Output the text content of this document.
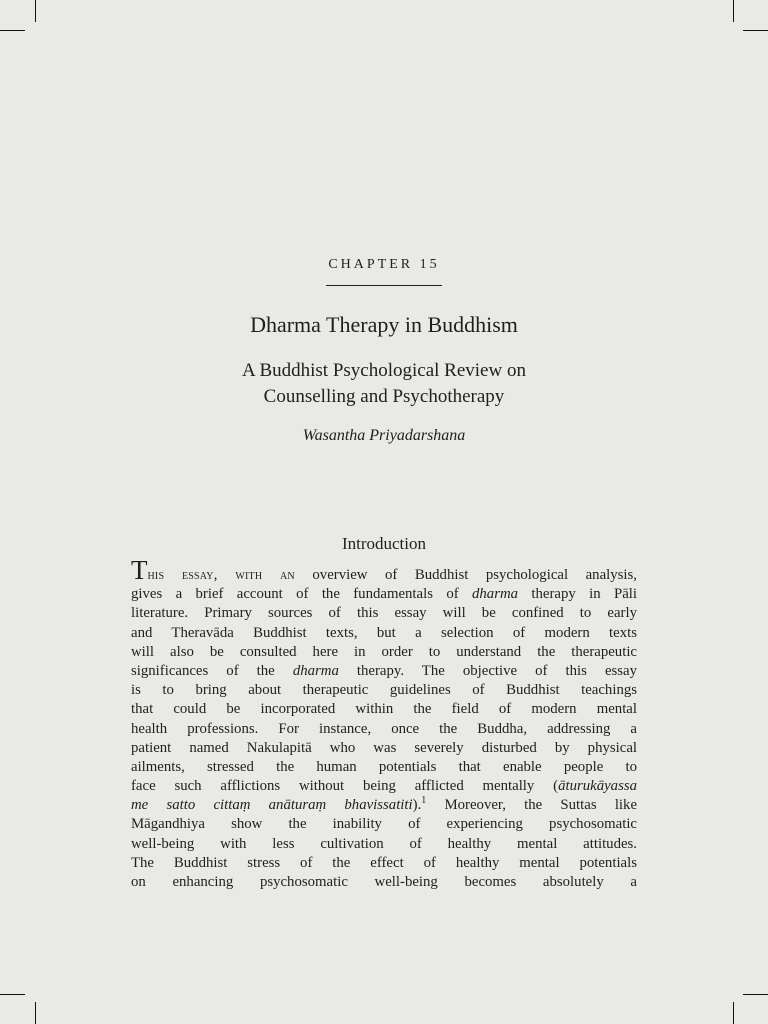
CHAPTER 15
Dharma Therapy in Buddhism
A Buddhist Psychological Review on
Counselling and Psychotherapy
Wasantha Priyadarshana
Introduction
This essay, with an overview of Buddhist psychological analysis,
gives a brief account of the fundamentals of dharma therapy in Pāli
literature. Primary sources of this essay will be confined to early
and Theravāda Buddhist texts, but a selection of modern texts
will also be consulted here in order to understand the therapeutic
significances of the dharma therapy. The objective of this essay
is to bring about therapeutic guidelines of Buddhist teachings
that could be incorporated within the field of modern mental
health professions. For instance, once the Buddha, addressing a
patient named Nakulapitā who was severely disturbed by physical
ailments, stressed the human potentials that enable people to
face such afflictions without being afflicted mentally (āturukāyassa
me satto cittaṃ anāturaṃ bhavissatiti).$^1$ Moreover, the Suttas like
Māgandhiya show the inability of experiencing psychosomatic
well-being with less cultivation of healthy mental attitudes.
The Buddhist stress of the effect of healthy mental potentials
on enhancing psychosomatic well-being becomes absolutely a
